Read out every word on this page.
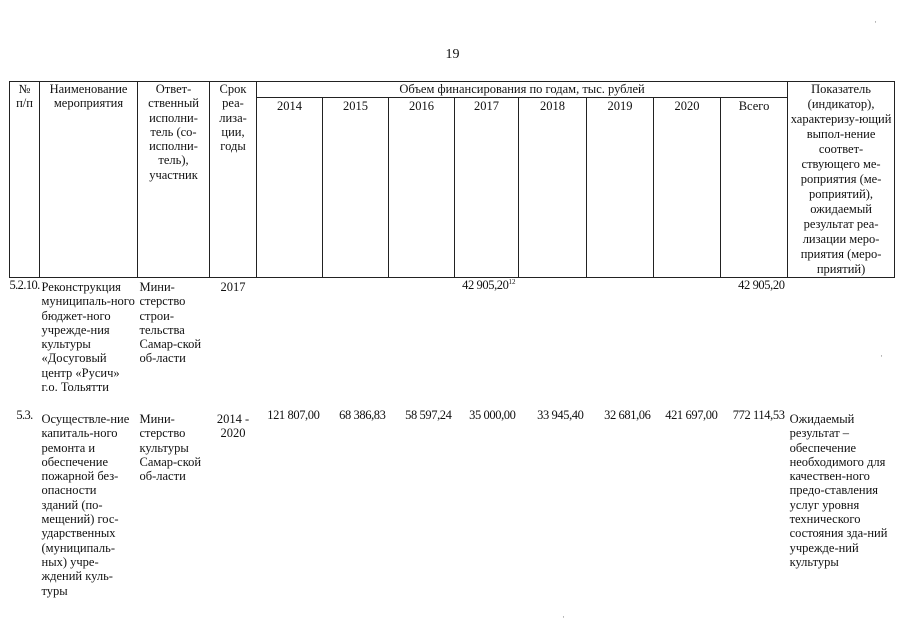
19
·
·
·
№ п/п	Наименование мероприятия	Ответ-ственный исполни-тель (со-исполни-тель), участник	Срок реа-лиза-ции, годы	Объем финансирования по годам, тыс. рублей								Показатель (индикатор), характеризу-ющий выпол-нение соответ-ствующего ме-роприятия (ме-роприятий), ожидаемый результат реа-лизации меро-приятия (меро-приятий)
				2014	2015	2016	2017	2018	2019	2020	Всего	
5.2.10.	Реконструкция муниципаль-ного бюджет-ного учрежде-ния культуры «Досуговый центр «Русич» г.о. Тольятти	Мини-стерство строи-тельства Самар-ской об-ласти	2017				42 905,20$^{12}$				42 905,20	
5.3.	Осуществле-ние капиталь-ного ремонта и обеспечение пожарной без-опасности зданий (по-мещений) гос-ударственных (муниципаль-ных) учре-ждений куль-туры	Мини-стерство культуры Самар-ской об-ласти	2014 - 2020	121 807,00	68 386,83	58 597,24	35 000,00	33 945,40	32 681,06	421 697,00	772 114,53	Ожидаемый результат – обеспечение необходимого для качествен-ного предо-ставления услуг уровня технического состояния зда-ний учрежде-ний культуры
